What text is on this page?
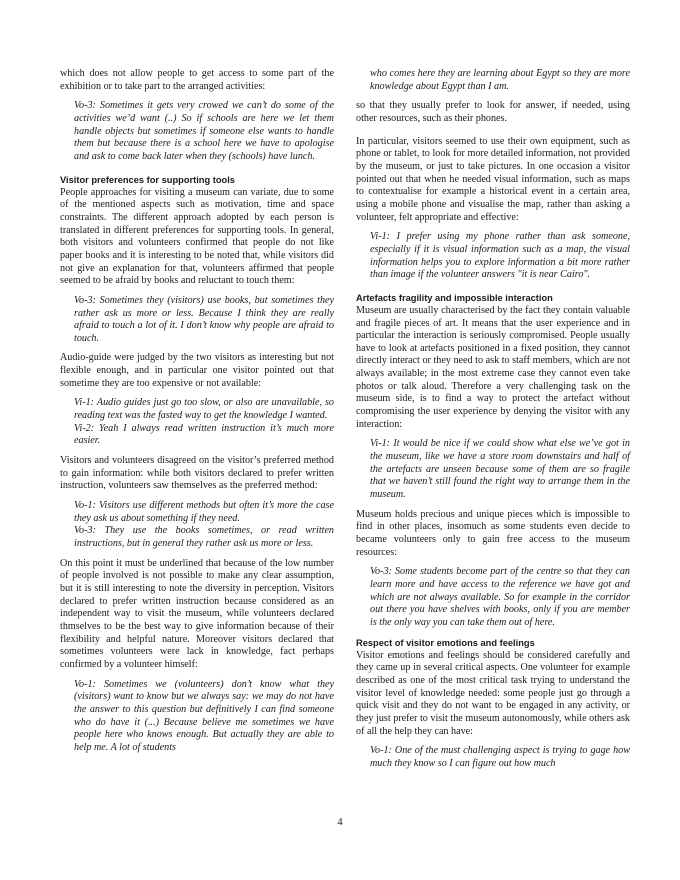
which does not allow people to get access to some part of the exhibition or to take part to the arranged activities:

Vo-3: Sometimes it gets very crowed we can’t do some of the activities we’d want (..) So if schools are here we let them handle objects but sometimes if someone else wants to handle them but because there is a school here we have to apologise and ask to come back later when they (schools) have lunch.

Visitor preferences for supporting tools

People approaches for visiting a museum can variate, due to some of the mentioned aspects such as motivation, time and space constraints. The different approach adopted by each person is translated in different preferences for supporting tools. In general, both visitors and volunteers confirmed that people do not like paper books and it is interesting to be noted that, while visitors did not give an explanation for that, volunteers affirmed that people seemed to be afraid by books and reluctant to touch them:

Vo-3: Sometimes they (visitors) use books, but sometimes they rather ask us more or less. Because I think they are really afraid to touch a lot of it. I don’t know why people are afraid to touch.

Audio-guide were judged by the two visitors as interesting but not flexible enough, and in particular one visitor pointed out that sometime they are too expensive or not available:

Vi-1: Audio guides just go too slow, or also are unavailable, so reading text was the fasted way to get the knowledge I wanted.
Vi-2: Yeah I always read written instruction it’s much more easier.

Visitors and volunteers disagreed on the visitor’s preferred method to gain information: while both visitors declared to prefer written instruction, volunteers saw themselves as the preferred method:

Vo-1: Visitors use different methods but often it’s more the case they ask us about something if they need.
Vo-3: They use the books sometimes, or read written instructions, but in general they rather ask us more or less.

On this point it must be underlined that because of the low number of people involved is not possible to make any clear assumption, but it is still interesting to note the diversity in perception. Visitors declared to prefer written instruction because considered as an independent way to visit the museum, while volunteers declared thmselves to be the best way to give information because of their flexibility and helpful nature. Moreover visitors declared that sometimes volunteers were lack in knowledge, fact perhaps confirmed by a volunteer himself:

Vo-1: Sometimes we (volunteers) don’t know what they (visitors) want to know but we always say: we may do not have the answer to this question but definitively I can find someone who do have it (...) Because believe me sometimes we have people here who knows enough. But actually they are able to help me. A lot of students

who comes here they are learning about Egypt so they are more knowledge about Egypt than I am.

so that they usually prefer to look for answer, if needed, using other resources, such as their phones.

In particular, visitors seemed to use their own equipment, such as phone or tablet, to look for more detailed information, not provided by the museum, or just to take pictures. In one occasion a visitor pointed out that when he needed visual information, such as maps to contextualise for example a historical event in a certain area, using a mobile phone and visualise the map, rather than asking a volunteer, felt appropriate and effective:

Vi-1: I prefer using my phone rather than ask someone, especially if it is visual information such as a map, the visual information helps you to explore information a bit more rather than image if the volunteer answers "it is near Cairo".

Artefacts fragility and impossible interaction

Museum are usually characterised by the fact they contain valuable and fragile pieces of art. It means that the user experience and in particular the interaction is seriously compromised. People usually have to look at artefacts positioned in a fixed position, they cannot directly interact or they need to ask to staff members, which are not always available; in the most extreme case they cannot even take photos or talk aloud. Therefore a very challenging task on the museum side, is to find a way to protect the artefact without compromising the user experience by denying the visitor with any interaction:

Vi-1: It would be nice if we could show what else we’ve got in the museum, like we have a store room downstairs and half of the artefacts are unseen because some of them are so fragile that we haven’t still found the right way to arrange them in the museum.

Museum holds precious and unique pieces which is impossible to find in other places, insomuch as some students even decide to became volunteers only to gain free access to the museum resources:

Vo-3: Some students become part of the centre so that they can learn more and have access to the reference we have got and which are not always available. So for example in the corridor out there you have shelves with books, only if you are member is the only way you can take them out of here.

Respect of visitor emotions and feelings

Visitor emotions and feelings should be considered carefully and they came up in several critical aspects. One volunteer for example described as one of the most critical task trying to understand the visitor level of knowledge needed: some people just go through a quick visit and they do not want to be engaged in any activity, or they just prefer to visit the museum autonomously, while others ask of all the help they can have:

Vo-1: One of the must challenging aspect is trying to gage how much they know so I can figure out how much

4
